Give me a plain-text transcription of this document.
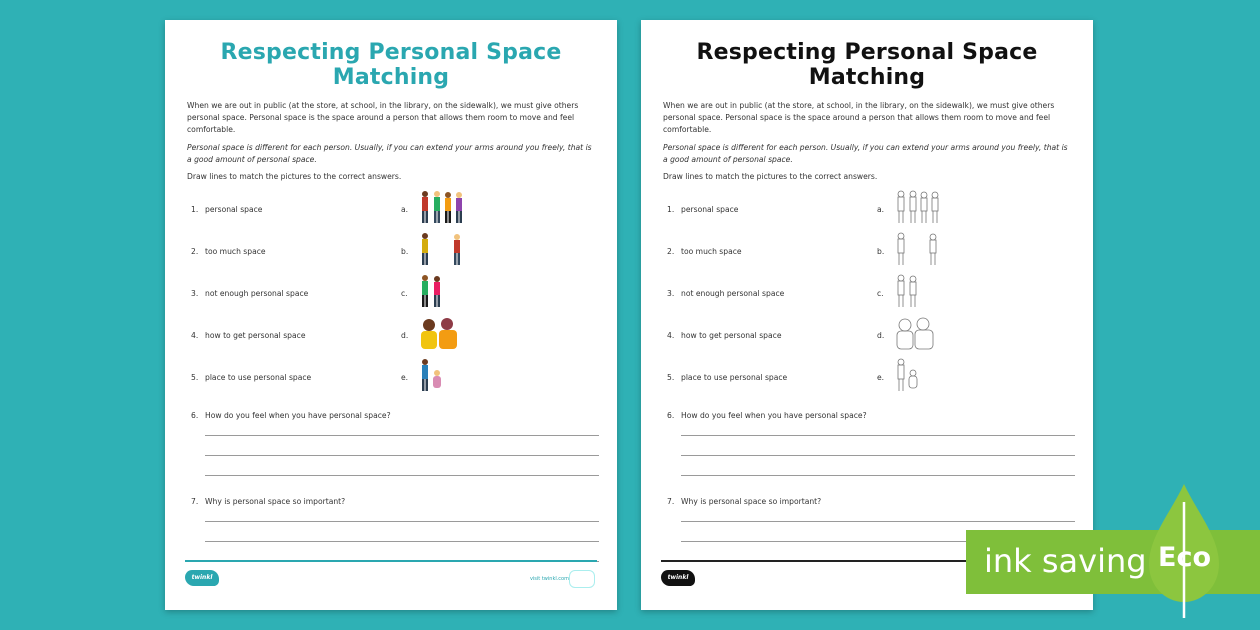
Respecting Personal Space Matching

When we are out in public (at the store, at school, in the library, on the sidewalk), we must give others personal space. Personal space is the space around a person that allows them room to move and feel comfortable.

Personal space is different for each person. Usually, if you can extend your arms around you freely, that is a good amount of personal space.

Draw lines to match the pictures to the correct answers.

1. personal space	a.
2. too much space	b.
3. not enough personal space	c.
4. how to get personal space	d.
5. place to use personal space	e.
6. How do you feel when you have personal space?
7. Why is personal space so important?
twinkl	visit twinkl.com
Respecting Personal Space Matching

When we are out in public (at the store, at school, in the library, on the sidewalk), we must give others personal space. Personal space is the space around a person that allows them room to move and feel comfortable.

Personal space is different for each person. Usually, if you can extend your arms around you freely, that is a good amount of personal space.

Draw lines to match the pictures to the correct answers.

1. personal space	a.
2. too much space	b.
3. not enough personal space	c.
4. how to get personal space	d.
5. place to use personal space	e.
6. How do you feel when you have personal space?
7. Why is personal space so important?
twinkl	ink saving Eco
